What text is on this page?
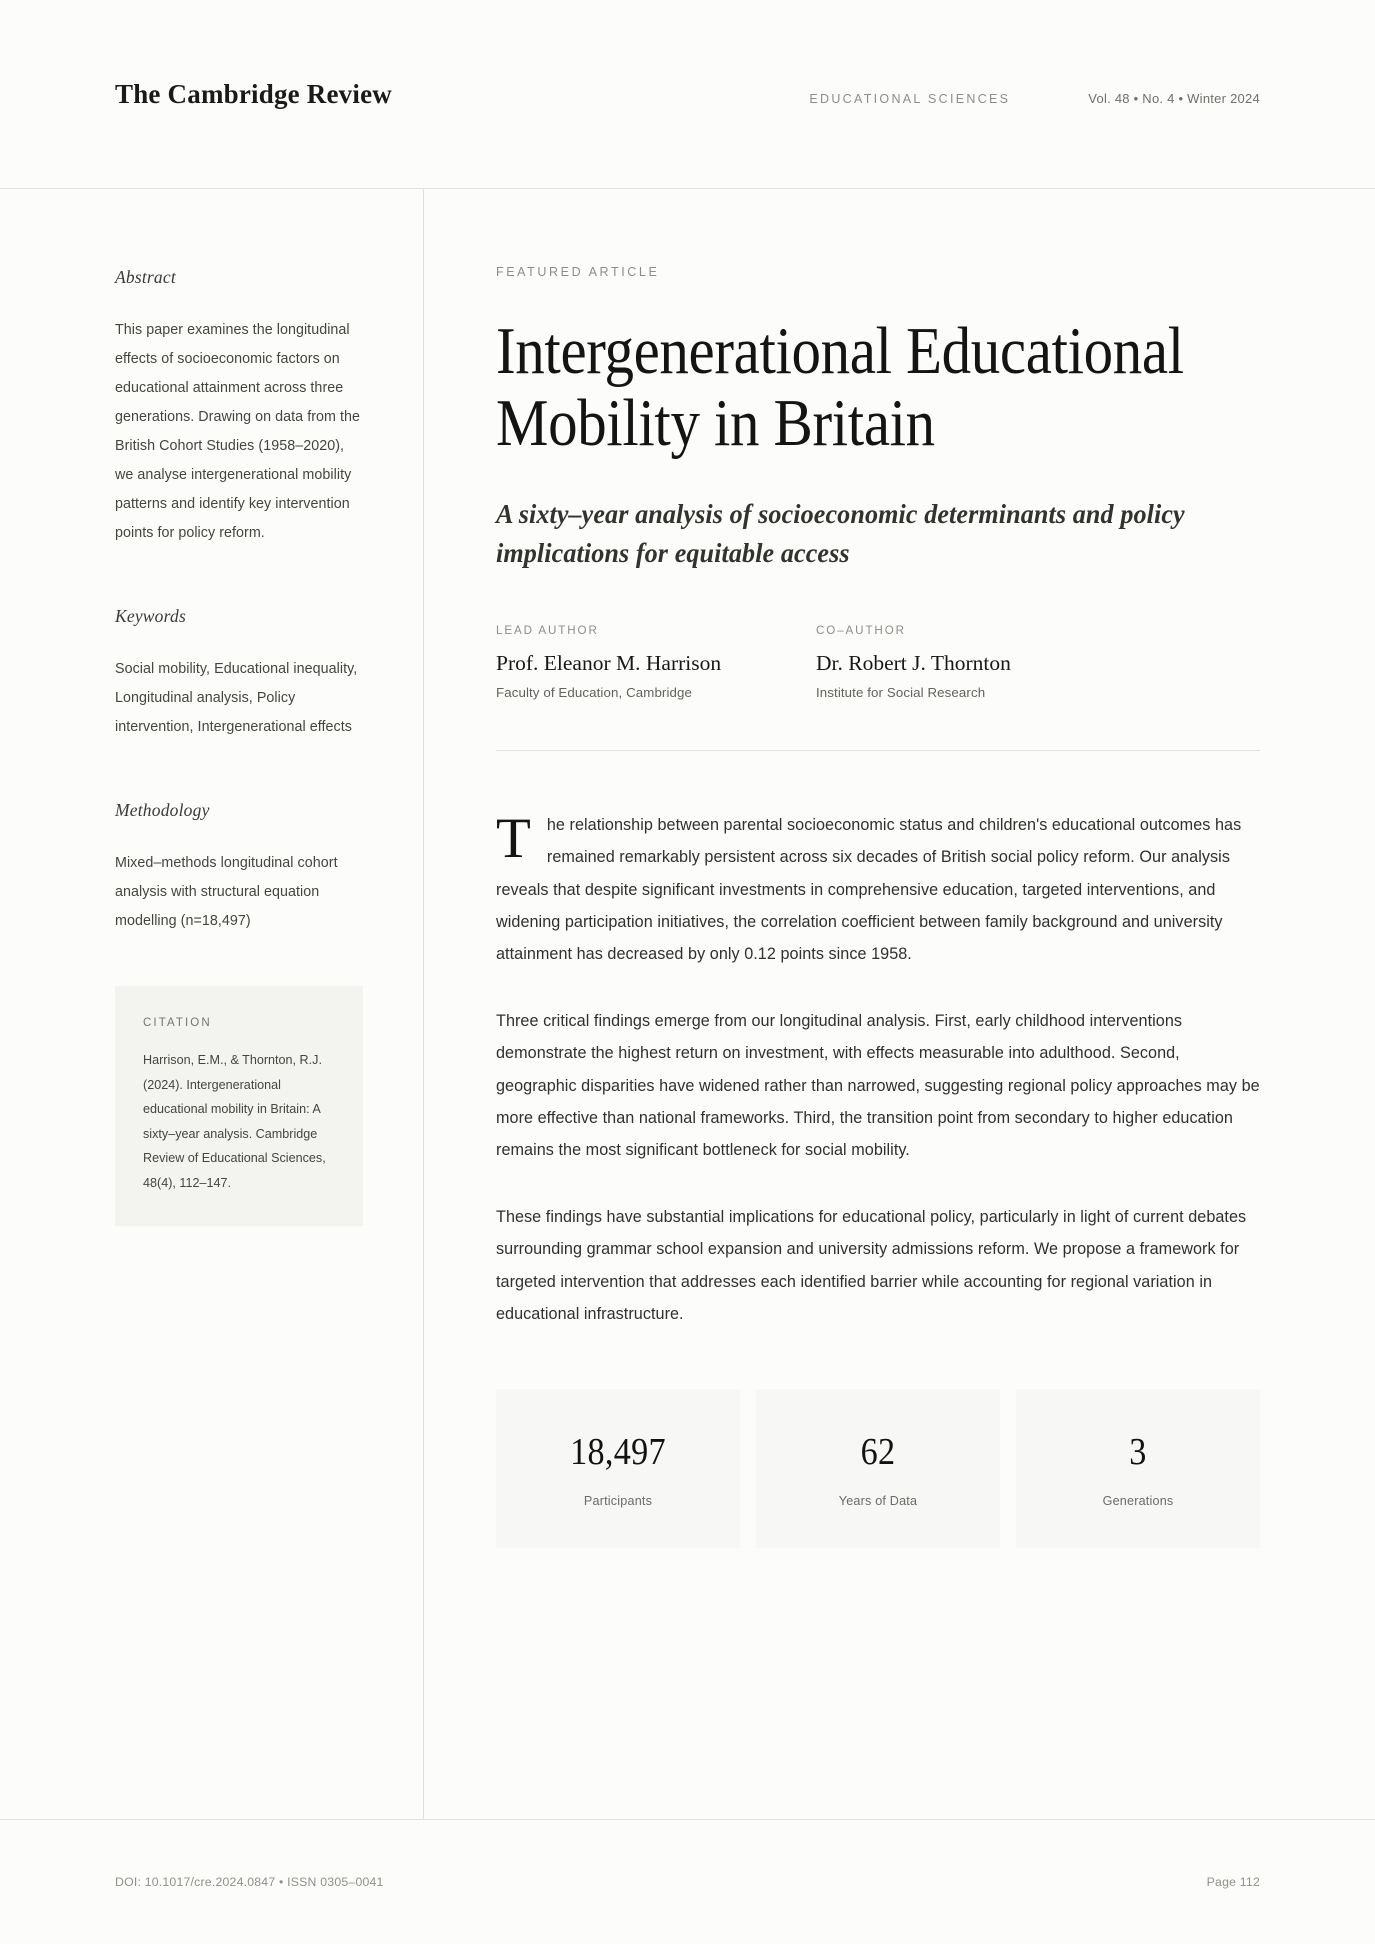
The Cambridge Review	EDUCATIONAL SCIENCES	Vol. 48 • No. 4 • Winter 2024
Abstract
This paper examines the longitudinal effects of socioeconomic factors on educational attainment across three generations. Drawing on data from the British Cohort Studies (1958–2020), we analyse intergenerational mobility patterns and identify key intervention points for policy reform.
Keywords
Social mobility, Educational inequality, Longitudinal analysis, Policy intervention, Intergenerational effects
Methodology
Mixed–methods longitudinal cohort analysis with structural equation modelling (n=18,497)
CITATION
Harrison, E.M., & Thornton, R.J. (2024). Intergenerational educational mobility in Britain: A sixty–year analysis. Cambridge Review of Educational Sciences, 48(4), 112–147.
FEATURED ARTICLE
Intergenerational Educational Mobility in Britain
A sixty–year analysis of socioeconomic determinants and policy implications for equitable access
LEAD AUTHOR
Prof. Eleanor M. Harrison
Faculty of Education, Cambridge
CO–AUTHOR
Dr. Robert J. Thornton
Institute for Social Research

The relationship between parental socioeconomic status and children's educational outcomes has remained remarkably persistent across six decades of British social policy reform. Our analysis reveals that despite significant investments in comprehensive education, targeted interventions, and widening participation initiatives, the correlation coefficient between family background and university attainment has decreased by only 0.12 points since 1958.

Three critical findings emerge from our longitudinal analysis. First, early childhood interventions demonstrate the highest return on investment, with effects measurable into adulthood. Second, geographic disparities have widened rather than narrowed, suggesting regional policy approaches may be more effective than national frameworks. Third, the transition point from secondary to higher education remains the most significant bottleneck for social mobility.

These findings have substantial implications for educational policy, particularly in light of current debates surrounding grammar school expansion and university admissions reform. We propose a framework for targeted intervention that addresses each identified barrier while accounting for regional variation in educational infrastructure.

18,497
Participants
62
Years of Data
3
Generations
DOI: 10.1017/cre.2024.0847 • ISSN 0305–0041	Page 112
